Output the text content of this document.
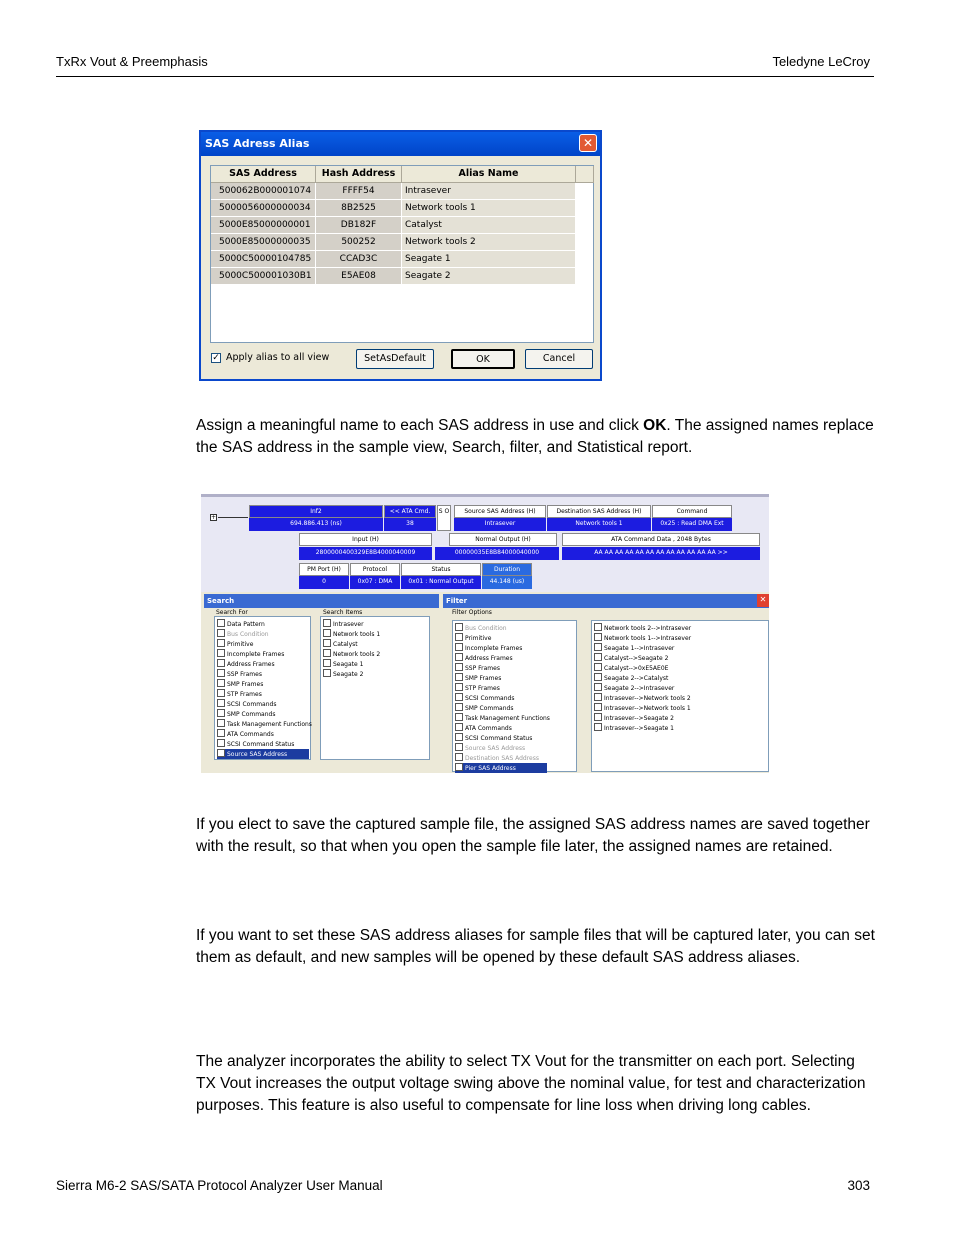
TxRx Vout & Preemphasis	Teledyne LeCroy
SAS Adress Alias	✕
SAS Address	Hash Address	Alias Name
500062B000001074	FFFF54	Intrasever
5000056000000034	8B2525	Network tools 1
5000E85000000001	DB182F	Catalyst
5000E85000000035	500252	Network tools 2
5000C50000104785	CCAD3C	Seagate 1
5000C500001030B1	E5AE08	Seagate 2
✓ Apply alias to all view	SetAsDefault	OK	Cancel
Assign a meaningful name to each SAS address in use and click OK. The assigned names replace the SAS address in the sample view, Search, filter, and Statistical report.
+
Inf2	<< ATA Cmd.	S O	Source SAS Address (H)	Destination SAS Address (H)	Command
694.886.413 (ns)	38	Intrasever	Network tools 1	0x25 : Read DMA Ext
Input (H)	Normal Output (H)	ATA Command Data , 2048 Bytes
2800000400329E8B4000040009	00000035E8B84000040000	AA AA AA AA AA AA AA AA AA AA AA AA >>
PM Port (H)	Protocol	Status	Duration
0	0x07 : DMA	0x01 : Normal Output	44.148 (us)
Search
Search For	Search Items
Data Pattern
Bus Condition
Primitive
Incomplete Frames
Address Frames
SSP Frames
SMP Frames
STP Frames
SCSI Commands
SMP Commands
Task Management Functions
ATA Commands
SCSI Command Status
Source SAS Address
Intrasever
Network tools 1
Catalyst
Network tools 2
Seagate 1
Seagate 2
Filter	✕
Filter Options
Bus Condition
Primitive
Incomplete Frames
Address Frames
SSP Frames
SMP Frames
STP Frames
SCSI Commands
SMP Commands
Task Management Functions
ATA Commands
SCSI Command Status
Source SAS Address
Destination SAS Address
Pier SAS Address
Network tools 2-->Intrasever
Network tools 1-->Intrasever
Seagate 1-->Intrasever
Catalyst-->Seagate 2
Catalyst-->0xE5AE0E
Seagate 2-->Catalyst
Seagate 2-->Intrasever
Intrasever-->Network tools 2
Intrasever-->Network tools 1
Intrasever-->Seagate 2
Intrasever-->Seagate 1
If you elect to save the captured sample file, the assigned SAS address names are saved together with the result, so that when you open the sample file later, the assigned names are retained.
If you want to set these SAS address aliases for sample files that will be captured later, you can set them as default, and new samples will be opened by these default SAS address aliases.
The analyzer incorporates the ability to select TX Vout for the transmitter on each port. Selecting TX Vout increases the output voltage swing above the nominal value, for test and characterization purposes. This feature is also useful to compensate for line loss when driving long cables.
Sierra M6-2 SAS/SATA Protocol Analyzer User Manual	303
